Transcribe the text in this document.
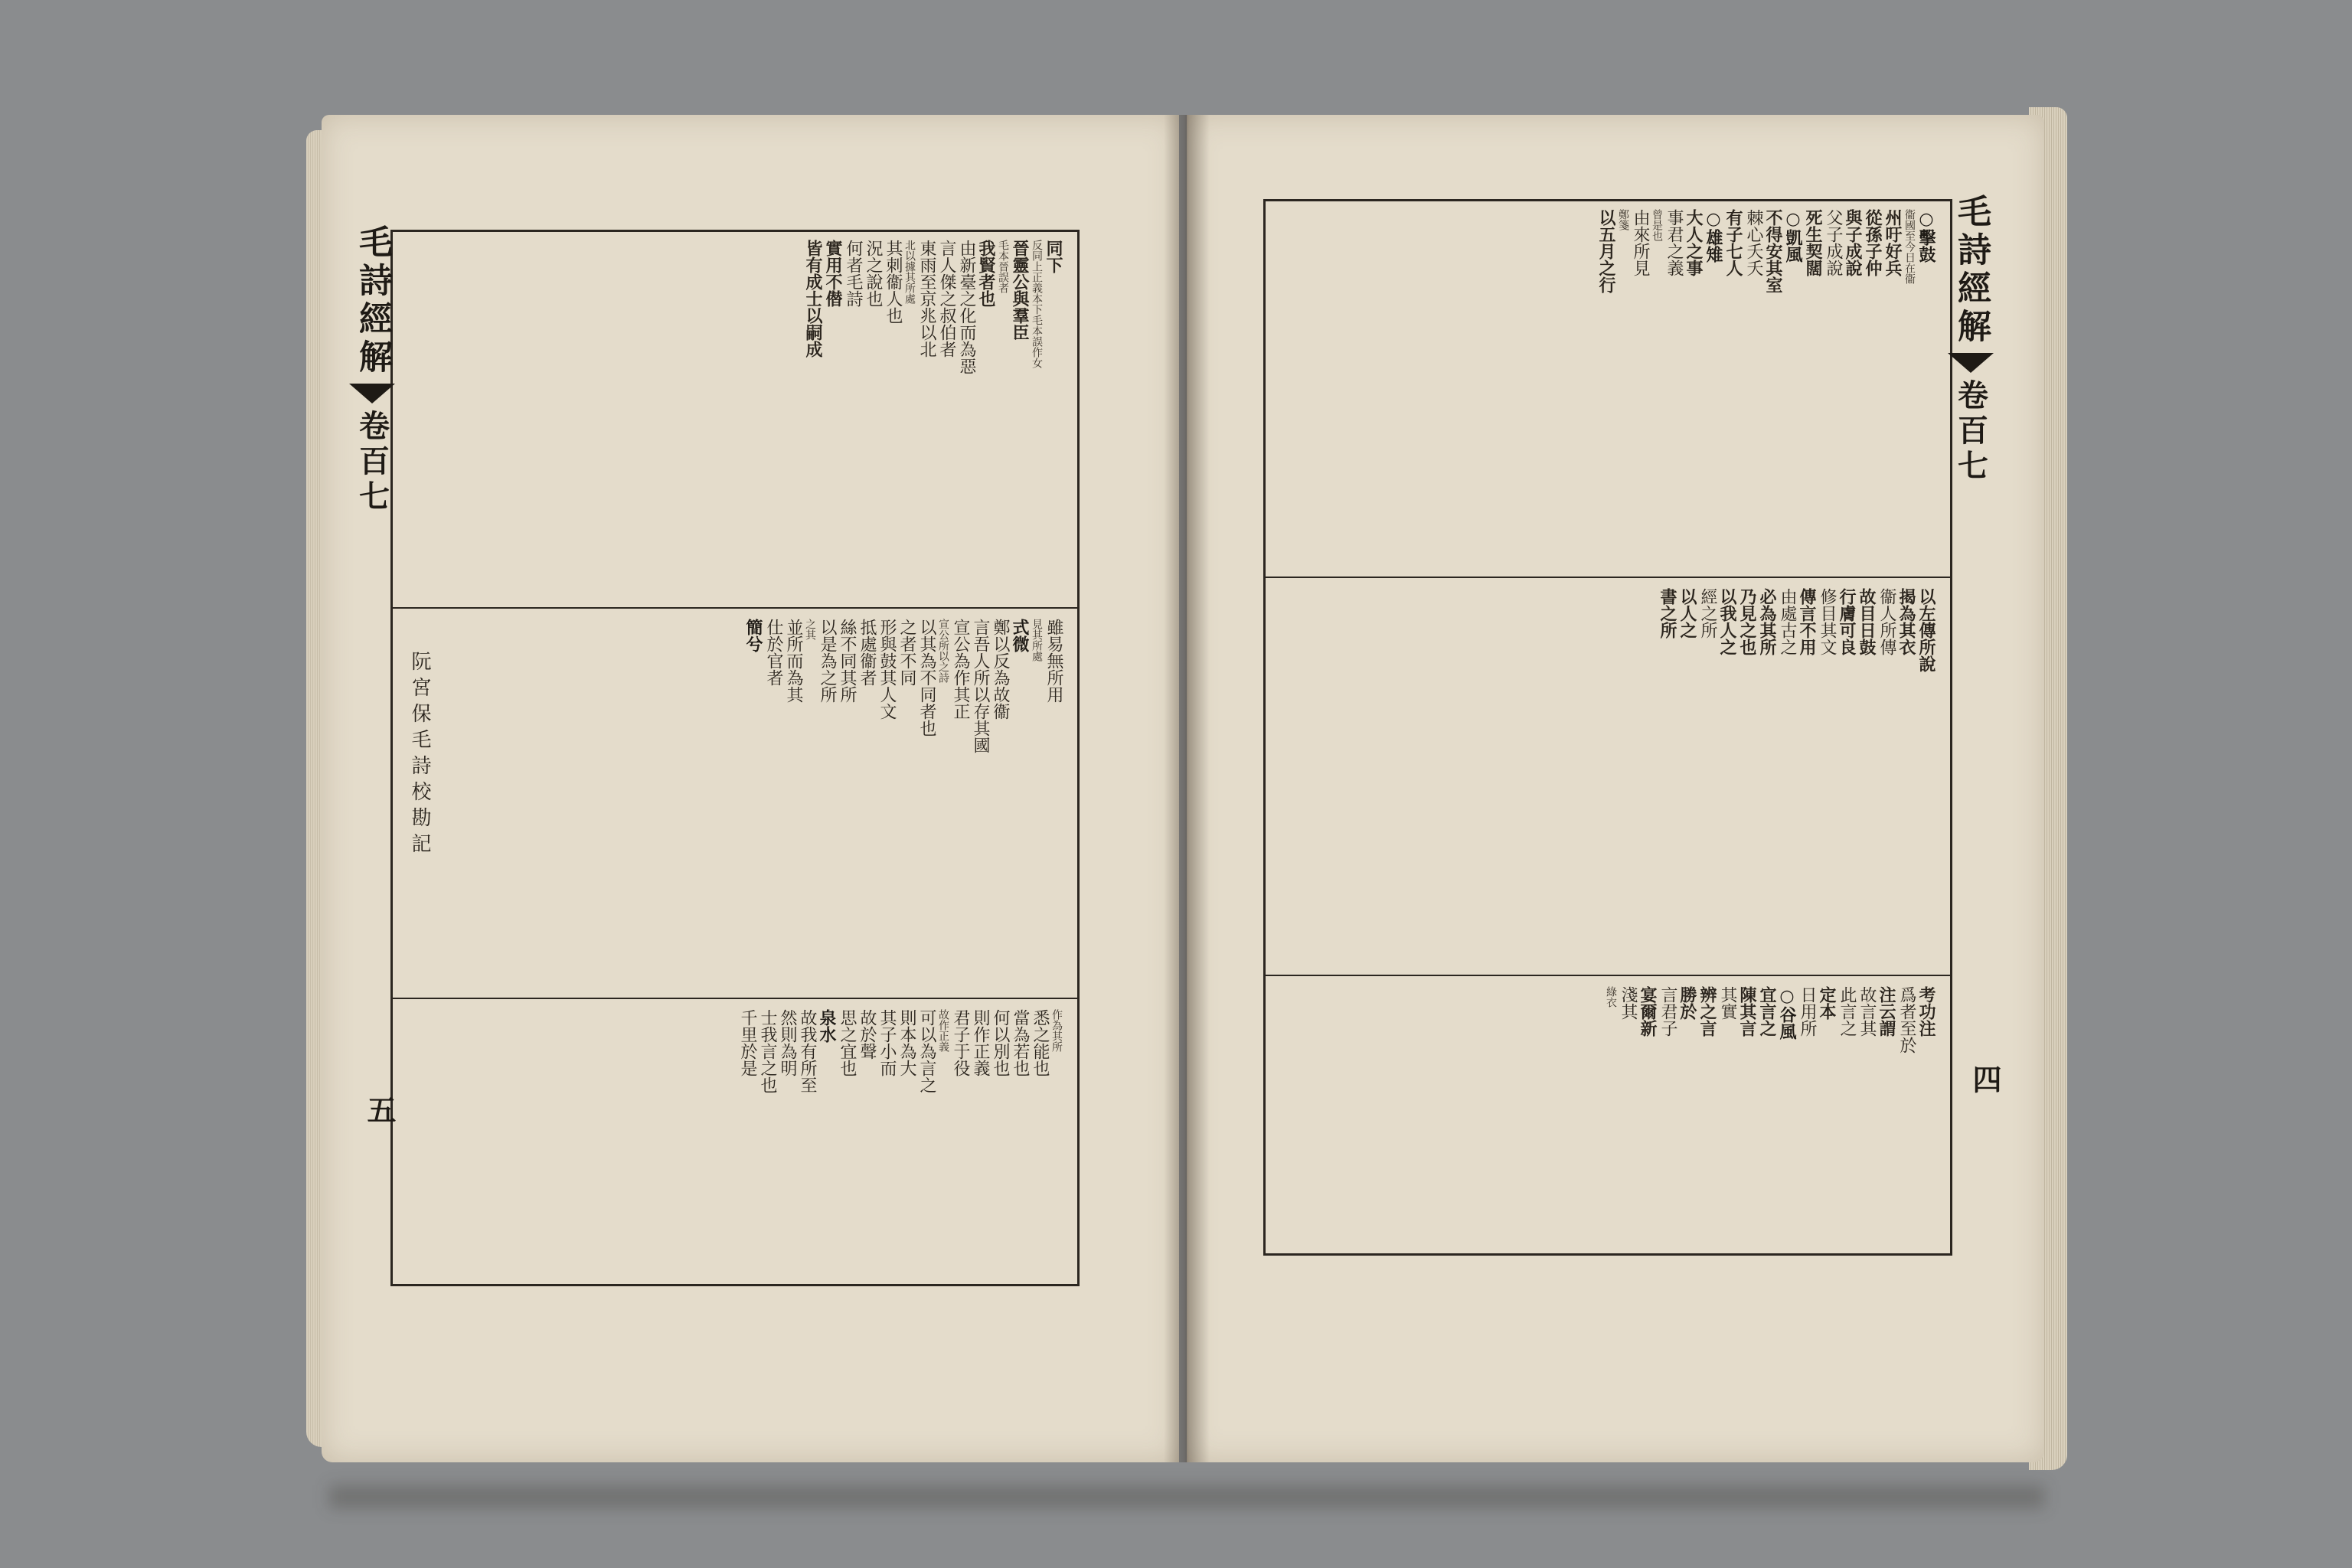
毛詩經解
卷百七
同下
反同上正義本下毛本誤作女
晉靈公與羣臣
毛本晉誤者
我賢者也
由新臺之化而為惡
言人傑之叔伯者
東雨至京兆以北
北以據其所處
其刺衞人也
況之說也
何者毛詩
實用不僣
皆有成士以嗣成
雖易無所用
見其所處
式微
鄭以反為故衞
言吾人所以存其國
宣公為作其正
宣公所以之詩
以其為不同者也
之者不同
形與鼓其人文
抵處衞者
絲不同其所
以是為之所
之其
並所而為其
仕於官者
簡兮
作為其所
悉之能也
當為若也
何以別也
則作正義
君子于役
故作正義
可以為言之
則本為大
其子小而
故於聲
思之宜也
泉水
故我有所至
然則為明
士我言之也
千里於是
阮宮保毛詩校勘記
五
毛詩經解
卷百七
○擊鼓
衞國至今日在衞
州吁好兵
從孫子仲
與子成說
父子成說
死生契闊
○凱風
不得安其室
棘心夭夭
有子七人
○雄雉
大人之事
事君之義
曾是也
由來所見
鄭箋
以五月之行
以左傳所說
揭為其衣
衞人所傳
故目日鼓
行膚可良
修目其文
傳言不用
由處古之
必為其所
乃見之也
以我人之
經之所
以人之
書之所
考功注
爲者至於
注云謂
故言其
此言之
定本
日用所
○谷風
宜言之
陳其言
其實
辨之言
勝於
言君子
宴爾新
淺其
綠衣
四
